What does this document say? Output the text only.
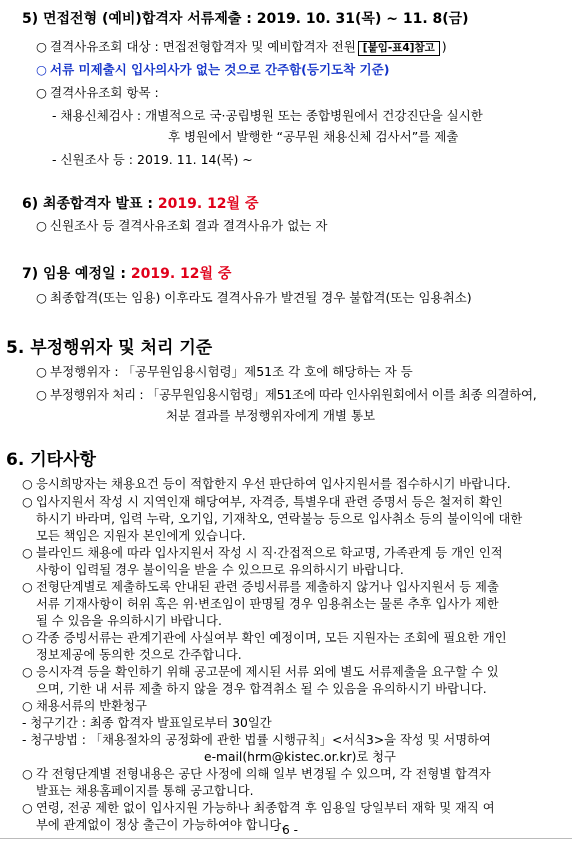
5) 면접전형 (예비)합격자 서류제출 : 2019. 10. 31(목) ~ 11. 8(금)
○ 결격사유조회 대상 : 면접전형합격자 및 예비합격자 전원 [붙임-표4]참고 )
○ 서류 미제출시 입사의사가 없는 것으로 간주함(등기도착 기준)
○ 결격사유조회 항목 :
- 채용신체검사 : 개별적으로 국·공립병원 또는 종합병원에서 건강진단을 실시한
후 병원에서 발행한 “공무원 채용신체 검사서”를 제출
- 신원조사 등 : 2019. 11. 14(목) ~
6) 최종합격자 발표 : 2019. 12월 중
○ 신원조사 등 결격사유조회 결과 결격사유가 없는 자
7) 임용 예정일 : 2019. 12월 중
○ 최종합격(또는 임용) 이후라도 결격사유가 발견될 경우 불합격(또는 임용취소)
5. 부정행위자 및 처리 기준
○ 부정행위자 : 「공무원임용시험령」제51조 각 호에 해당하는 자 등
○ 부정행위자 처리 : 「공무원임용시험령」제51조에 따라 인사위원회에서 이를 최종 의결하여,
처분 결과를 부정행위자에게 개별 통보
6. 기타사항
○ 응시희망자는 채용요건 등이 적합한지 우선 판단하여 입사지원서를 접수하시기 바랍니다.
○ 입사지원서 작성 시 지역인재 해당여부, 자격증, 특별우대 관련 증명서 등은 철저히 확인
하시기 바라며, 입력 누락, 오기입, 기재착오, 연락불능 등으로 입사취소 등의 불이익에 대한
모든 책임은 지원자 본인에게 있습니다.
○ 블라인드 채용에 따라 입사지원서 작성 시 직·간접적으로 학교명, 가족관계 등 개인 인적
사항이 입력될 경우 불이익을 받을 수 있으므로 유의하시기 바랍니다.
○ 전형단계별로 제출하도록 안내된 관련 증빙서류를 제출하지 않거나 입사지원서 등 제출
서류 기재사항이 허위 혹은 위·변조임이 판명될 경우 임용취소는 물론 추후 입사가 제한
될 수 있음을 유의하시기 바랍니다.
○ 각종 증빙서류는 관계기관에 사실여부 확인 예정이며, 모든 지원자는 조회에 필요한 개인
정보제공에 동의한 것으로 간주합니다.
○ 응시자격 등을 확인하기 위해 공고문에 제시된 서류 외에 별도 서류제출을 요구할 수 있
으며, 기한 내 서류 제출 하지 않을 경우 합격취소 될 수 있음을 유의하시기 바랍니다.
○ 채용서류의 반환청구
- 청구기간 : 최종 합격자 발표일로부터 30일간
- 청구방법 : 「채용절차의 공정화에 관한 법률 시행규칙」<서식3>을 작성 및 서명하여
e-mail(hrm@kistec.or.kr)로 청구
○ 각 전형단계별 전형내용은 공단 사정에 의해 일부 변경될 수 있으며, 각 전형별 합격자
발표는 채용홈페이지를 통해 공고합니다.
○ 연령, 전공 제한 없이 입사지원 가능하나 최종합격 후 임용일 당일부터 재학 및 재직 여
부에 관계없이 정상 출근이 가능하여야 합니다.
- 6 -
